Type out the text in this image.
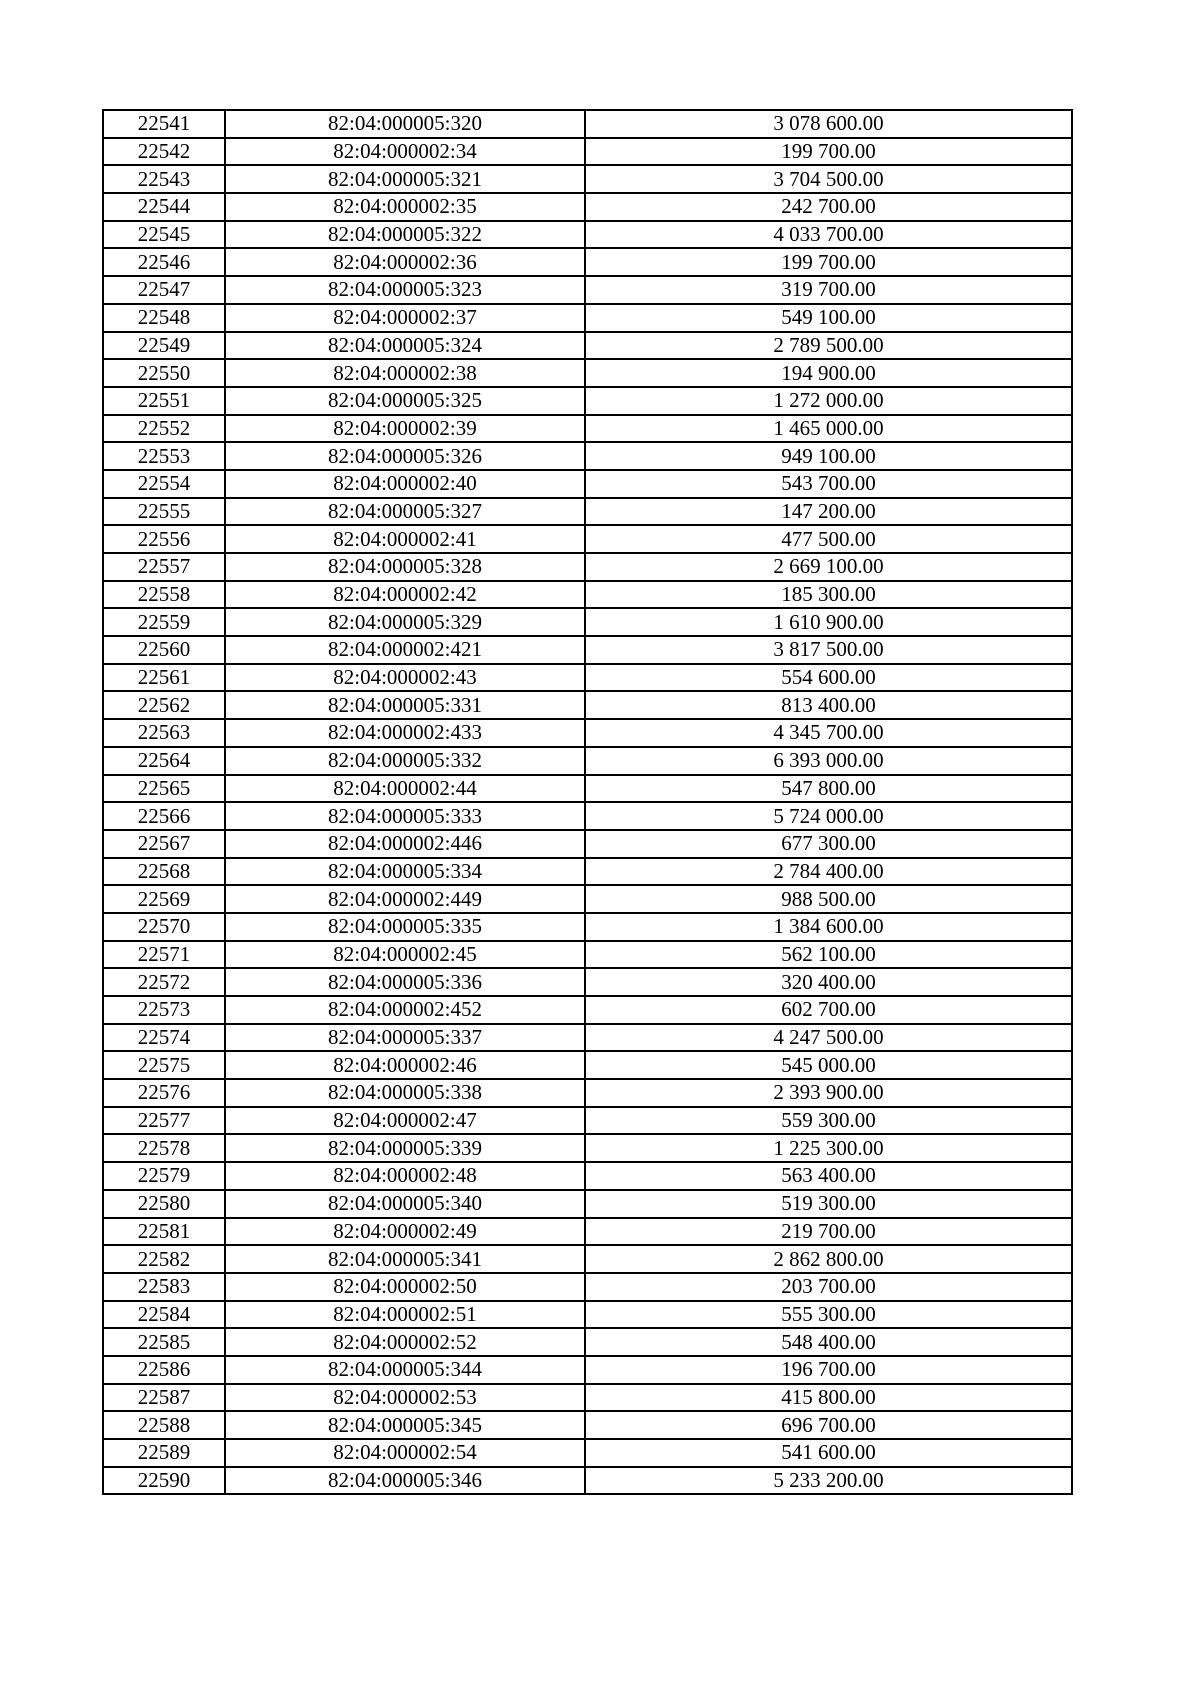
22541	82:04:000005:320	3 078 600.00
22542	82:04:000002:34	199 700.00
22543	82:04:000005:321	3 704 500.00
22544	82:04:000002:35	242 700.00
22545	82:04:000005:322	4 033 700.00
22546	82:04:000002:36	199 700.00
22547	82:04:000005:323	319 700.00
22548	82:04:000002:37	549 100.00
22549	82:04:000005:324	2 789 500.00
22550	82:04:000002:38	194 900.00
22551	82:04:000005:325	1 272 000.00
22552	82:04:000002:39	1 465 000.00
22553	82:04:000005:326	949 100.00
22554	82:04:000002:40	543 700.00
22555	82:04:000005:327	147 200.00
22556	82:04:000002:41	477 500.00
22557	82:04:000005:328	2 669 100.00
22558	82:04:000002:42	185 300.00
22559	82:04:000005:329	1 610 900.00
22560	82:04:000002:421	3 817 500.00
22561	82:04:000002:43	554 600.00
22562	82:04:000005:331	813 400.00
22563	82:04:000002:433	4 345 700.00
22564	82:04:000005:332	6 393 000.00
22565	82:04:000002:44	547 800.00
22566	82:04:000005:333	5 724 000.00
22567	82:04:000002:446	677 300.00
22568	82:04:000005:334	2 784 400.00
22569	82:04:000002:449	988 500.00
22570	82:04:000005:335	1 384 600.00
22571	82:04:000002:45	562 100.00
22572	82:04:000005:336	320 400.00
22573	82:04:000002:452	602 700.00
22574	82:04:000005:337	4 247 500.00
22575	82:04:000002:46	545 000.00
22576	82:04:000005:338	2 393 900.00
22577	82:04:000002:47	559 300.00
22578	82:04:000005:339	1 225 300.00
22579	82:04:000002:48	563 400.00
22580	82:04:000005:340	519 300.00
22581	82:04:000002:49	219 700.00
22582	82:04:000005:341	2 862 800.00
22583	82:04:000002:50	203 700.00
22584	82:04:000002:51	555 300.00
22585	82:04:000002:52	548 400.00
22586	82:04:000005:344	196 700.00
22587	82:04:000002:53	415 800.00
22588	82:04:000005:345	696 700.00
22589	82:04:000002:54	541 600.00
22590	82:04:000005:346	5 233 200.00
